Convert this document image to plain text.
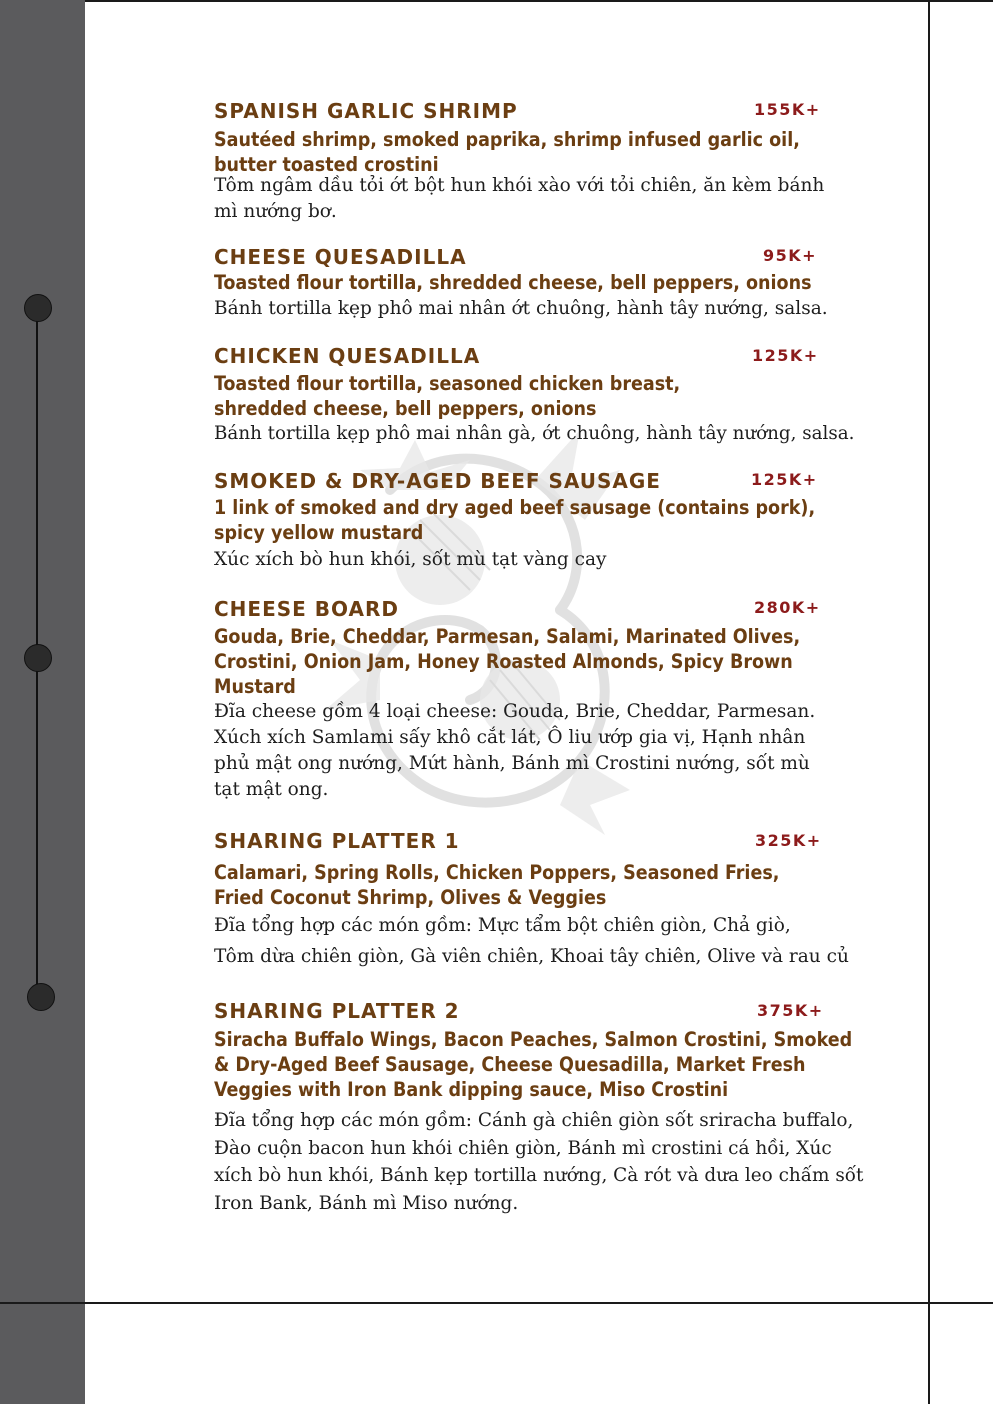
SPANISH GARLIC SHRIMP	155K+
Sautéed shrimp, smoked paprika, shrimp infused garlic oil,
butter toasted crostini
Tôm ngâm dầu tỏi ớt bột hun khói xào với tỏi chiên, ăn kèm bánh
mì nướng bơ.
CHEESE QUESADILLA	95K+
Toasted flour tortilla, shredded cheese, bell peppers, onions
Bánh tortilla kẹp phô mai nhân ớt chuông, hành tây nướng, salsa.
CHICKEN QUESADILLA	125K+
Toasted flour tortilla, seasoned chicken breast,
shredded cheese, bell peppers, onions
Bánh tortilla kẹp phô mai nhân gà, ớt chuông, hành tây nướng, salsa.
SMOKED & DRY-AGED BEEF SAUSAGE	125K+
1 link of smoked and dry aged beef sausage (contains pork),
spicy yellow mustard
Xúc xích bò hun khói, sốt mù tạt vàng cay
CHEESE BOARD	280K+
Gouda, Brie, Cheddar, Parmesan, Salami, Marinated Olives,
Crostini, Onion Jam, Honey Roasted Almonds, Spicy Brown
Mustard
Đĩa cheese gồm 4 loại cheese: Gouda, Brie, Cheddar, Parmesan.
Xúch xích Samlami sấy khô cắt lát, Ô liu ướp gia vị, Hạnh nhân
phủ mật ong nướng, Mứt hành, Bánh mì Crostini nướng, sốt mù
tạt mật ong.
SHARING PLATTER 1	325K+
Calamari, Spring Rolls, Chicken Poppers, Seasoned Fries,
Fried Coconut Shrimp, Olives & Veggies
Đĩa tổng hợp các món gồm: Mực tẩm bột chiên giòn, Chả giò,
Tôm dừa chiên giòn, Gà viên chiên, Khoai tây chiên, Olive và rau củ
SHARING PLATTER 2	375K+
Siracha Buffalo Wings, Bacon Peaches, Salmon Crostini, Smoked
& Dry-Aged Beef Sausage, Cheese Quesadilla, Market Fresh
Veggies with Iron Bank dipping sauce, Miso Crostini
Đĩa tổng hợp các món gồm: Cánh gà chiên giòn sốt sriracha buffalo,
Đào cuộn bacon hun khói chiên giòn, Bánh mì crostini cá hồi, Xúc
xích bò hun khói, Bánh kẹp tortilla nướng, Cà rót và dưa leo chấm sốt
Iron Bank, Bánh mì Miso nướng.
